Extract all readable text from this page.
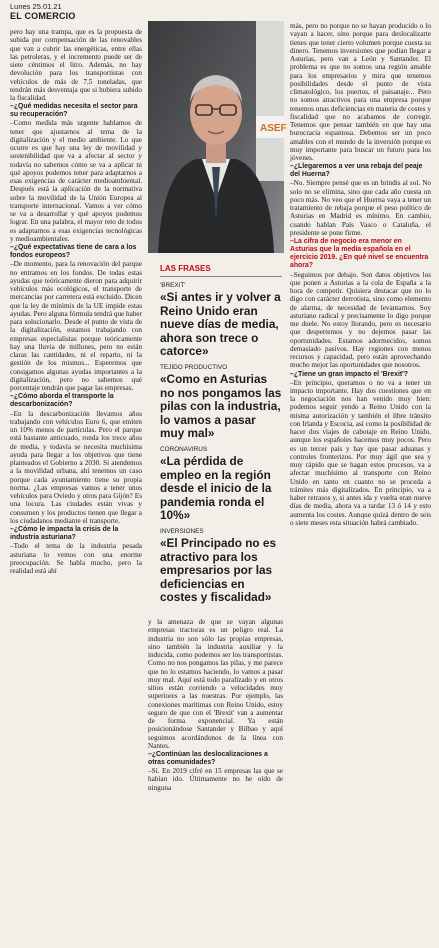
Lunes 25.01.21
EL COMERCIO

pero hay una trampa, que es la propuesta de subida por compensación de las renovables que van a cubrir las energéticas, entre ellas las petroleras, y el incremento puede ser de siete céntimos el litro. Además, no hay devolución para los transportistas con vehículos de más de 7,5 toneladas, que tendrán más desventaja que si hubiera subido la fiscalidad.

–¿Qué medidas necesita el sector para su recuperación?

–Como medida más urgente hablamos de tener que ajustarnos al tema de la digitalización y el medio ambiente. Lo que ocurre es que hay una ley de movilidad y sostenibilidad que va a afectar al sector y todavía no sabemos cómo se va a aplicar ni qué apoyos podemos tener para adaptarnos a esas exigencias de carácter medioambiental. Después está la aplicación de la normativa sobre la movilidad de la Unión Europea al transporte internacional. Vamos a ver cómo se va a desarrollar y qué apoyos podemos lograr. En una palabra, el mayor reto de todos es adaptarnos a esas exigencias tecnológicas y medioambientales.

–¿Qué expectativas tiene de cara a los fondos europeos?

–De momento, para la renovación del parque no entramos en los fondos. De todas estas ayudas que teóricamente dieron para adquirir vehículos más ecológicos, el transporte de mercancías por carretera está excluido. Dicen que la ley de mínimis de la UE impide estas ayudas. Pero alguna fórmula tendrá que haber para solucionarlo. Desde el punto de vista de la digitalización, estamos trabajando con empresas especialistas porque teóricamente hay una lluvia de millones, pero no están claras las cantidades, ni el reparto, ni la gestión de los mismos... Esperemos que consigamos algunas ayudas importantes a la digitalización, pero no sabemos qué porcentaje tendrán que pagar las empresas.

–¿Cómo aborda el transporte la descarbonización?

–En la descarbonización llevamos años trabajando con vehículos Euro 6, que emiten un 10% menos de partículas. Pero el parque está bastante anticuado, ronda los trece años de media, y todavía se necesita muchísima ayuda para llegar a los objetivos que tiene planteados el Gobierno a 2030. Si atendemos a la movilidad urbana, ahí tenemos un caso porque cada ayuntamiento tiene su propia norma. ¿Las empresas vamos a tener unos vehículos para Oviedo y otros para Gijón? Es una locura. Las ciudades están vivas y consumen y los productos tienen que llegar a los ciudadanos mediante el transporte.

–¿Cómo le impacta la crisis de la industria asturiana?

–Todo el tema de la industria pesada asturiana lo vemos con una enorme preocupación. Se habla mucho, pero la realidad está ahí

ASEF
LAS FRASES
'BREXIT'
«Si antes ir y volver a Reino Unido eran nueve días de media, ahora son trece o catorce»
TEJIDO PRODUCTIVO
«Como en Asturias no nos pongamos las pilas con la industria, lo vamos a pasar muy mal»
CORONAVIRUS
«La pérdida de empleo en la región desde el inicio de la pandemia ronda el 10%»
INVERSIONES
«El Principado no es atractivo para los empresarios por las deficiencias en costes y fiscalidad»

y la amenaza de que se vayan algunas empresas tractoras es un peligro real. La industria no son sólo las propias empresas, sino también la industria auxiliar y la inducida, como podemos ser los transportistas. Como no nos pongamos las pilas, y me parece que no lo estamos haciendo, lo vamos a pasar muy mal. Aquí está todo paralizado y en otros sitios están corriendo a velocidades muy superiores a las nuestras. Por ejemplo, las conexiones marítimas con Reino Unido, estoy seguro de que con el 'Brexit' van a aumentar de forma exponencial. Ya están posicionándose Santander y Bilbao y aquí seguimos acordándonos de la línea con Nantes.

–¿Continúan las deslocalizaciones a otras comunidades?

–Sí. En 2019 cifré en 15 empresas las que se habían ido. Últimamente no he oído de ninguna

más, pero no porque no se hayan producido o lo vayan a hacer, sino porque para deslocalizarte tienes que tener cierto volumen porque cuesta su dinero. Tenemos inversiones que podían llegar a Asturias, pero van a León y Santander. El problema es que no somos una región amable para los empresarios y mira que tenemos posibilidades desde el punto de vista climatológico, los puertos, el paisanaje... Pero no somos atractivos para una empresa porque tenemos unas deficiencias en materia de costes y fiscalidad que no acabamos de corregir. Tenemos que pensar también en que hay una burocracia espantosa. Debemos ser un poco amables con el mundo de la inversión porque es muy importante para buscar un futuro para los jóvenes.

–¿Llegaremos a ver una rebaja del peaje del Huerna?

–No. Siempre pensé que es un brindis al sol. No solo no se elimina, sino que cada año cuesta un poco más. No veo que el Huerna vaya a tener un tratamiento de rebaja porque el peso político de Asturias en Madrid es mínimo. En cambio, cuando hablan País Vasco o Cataluña, el presidente se pone firme.

–La cifra de negocio era menor en Asturias que la media española en el ejercicio 2019. ¿En qué nivel se encuentra ahora?

–Seguimos por debajo. Son datos objetivos los que ponen a Asturias a la cola de España a la hora de competir. Quisiera destacar que no lo digo con carácter derrotista, sino como elemento de alarma, de necesidad de levantarnos. Soy asturiano radical y precisamente lo digo porque me duele. No estoy llorando, pero es necesario que despertemos y no dejemos pasar las oportunidades. Estamos adormecidos, somos demasiado pasivos. Hay regiones con menos recursos y capacidad, pero están aprovechando mucho mejor las oportunidades que nosotros.

–¿Tiene un gran impacto el 'Brexit'?

–En principio, queramos o no va a tener un impacto importante. Hay dos cuestiones que en la negociación nos han venido muy bien: podemos seguir yendo a Reino Unido con la misma autorización y también el libre tránsito con Irlanda y Escocia, así como la posibilidad de hacer dos viajes de cabotaje en Reino Unido, aunque los españoles hacemos muy pocos. Pero es un tercer país y hay que pasar aduanas y controles fronterizos. Por muy ágil que sea y muy rápido que se hagan estos procesos, va a afectar muchísimo al transporte con Reino Unido en tanto en cuanto no se proceda a trámites más digitalizados. En principio, va a haber retrasos y, si antes ida y vuelta eran nueve días de media, ahora va a tardar 13 ó 14 y esto aumenta los costes. Aunque quizá dentro de seis o siete meses esta situación habrá cambiado.
